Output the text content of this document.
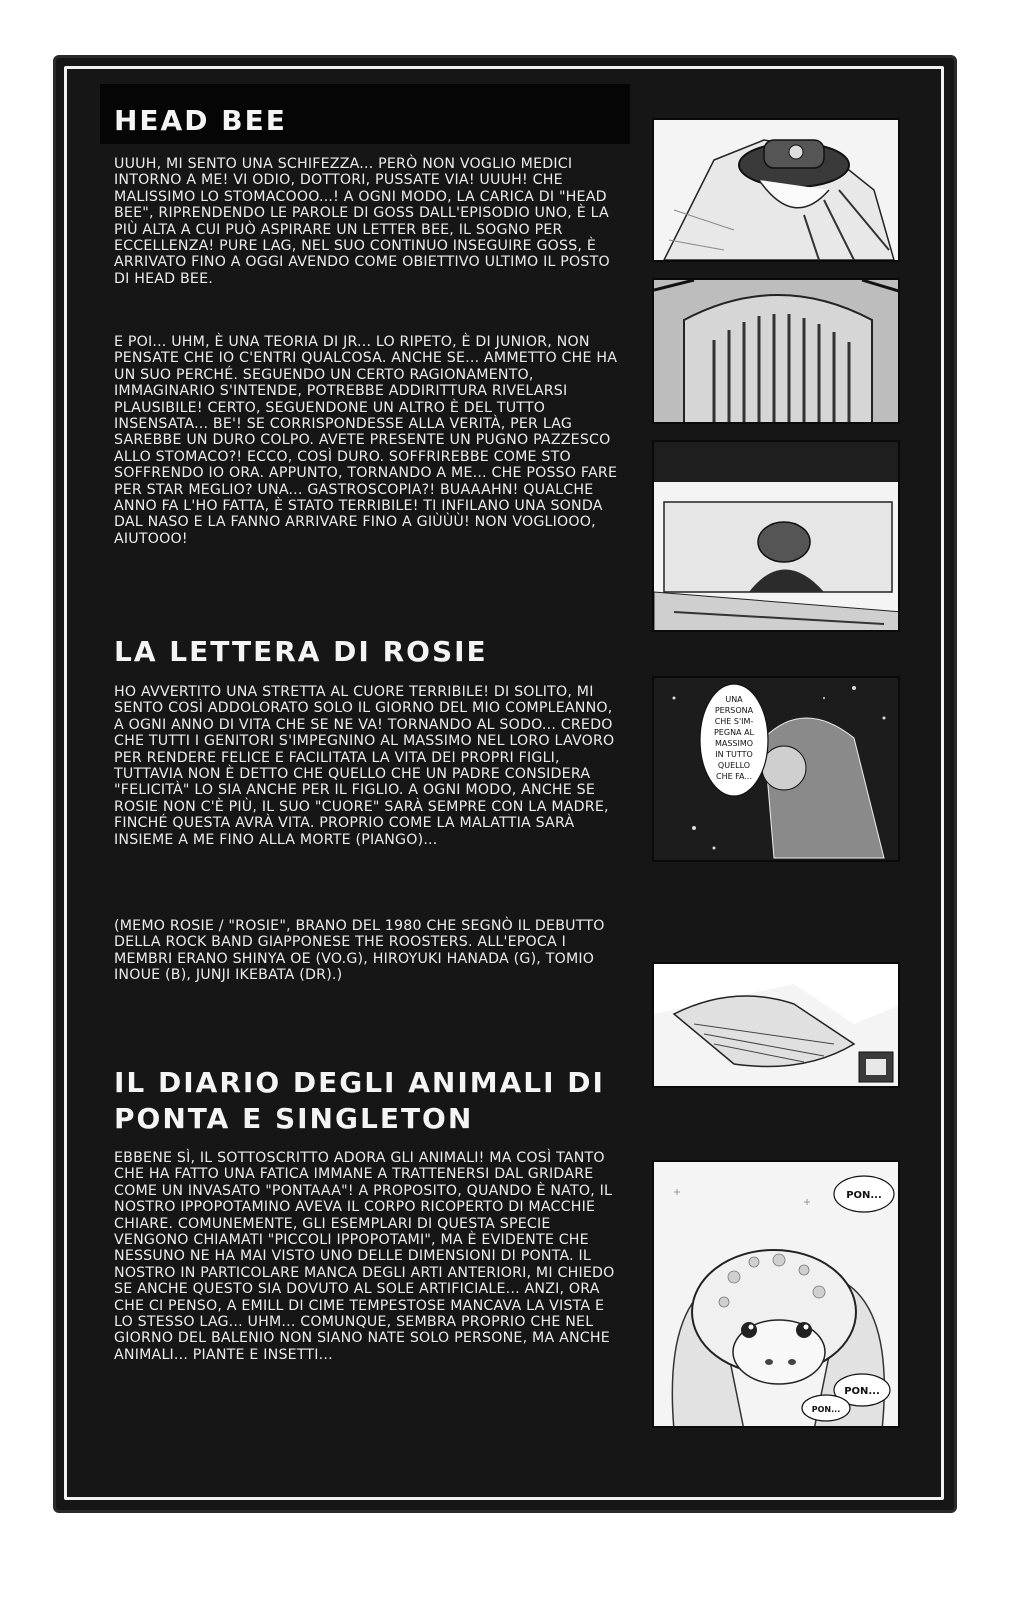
HEAD BEE

UUUH, MI SENTO UNA SCHIFEZZA... PERÒ NON VOGLIO MEDICI INTORNO A ME! VI ODIO, DOTTORI, PUSSATE VIA! UUUH! CHE MALISSIMO LO STOMACOOO...! A OGNI MODO, LA CARICA DI "HEAD BEE", RIPRENDENDO LE PAROLE DI GOSS DALL'EPISODIO UNO, È LA PIÙ ALTA A CUI PUÒ ASPIRARE UN LETTER BEE, IL SOGNO PER ECCELLENZA! PURE LAG, NEL SUO CONTINUO INSEGUIRE GOSS, È ARRIVATO FINO A OGGI AVENDO COME OBIETTIVO ULTIMO IL POSTO DI HEAD BEE.

E POI... UHM, È UNA TEORIA DI JR... LO RIPETO, È DI JUNIOR, NON PENSATE CHE IO C'ENTRI QUALCOSA. ANCHE SE... AMMETTO CHE HA UN SUO PERCHÉ. SEGUENDO UN CERTO RAGIONAMENTO, IMMAGINARIO S'INTENDE, POTREBBE ADDIRITTURA RIVELARSI PLAUSIBILE! CERTO, SEGUENDONE UN ALTRO È DEL TUTTO INSENSATA... BE'! SE CORRISPONDESSE ALLA VERITÀ, PER LAG SAREBBE UN DURO COLPO. AVETE PRESENTE UN PUGNO PAZZESCO ALLO STOMACO?! ECCO, COSÌ DURO. SOFFRIREBBE COME STO SOFFRENDO IO ORA. APPUNTO, TORNANDO A ME... CHE POSSO FARE PER STAR MEGLIO? UNA... GASTROSCOPIA?! BUAAAHN! QUALCHE ANNO FA L'HO FATTA, È STATO TERRIBILE! TI INFILANO UNA SONDA DAL NASO E LA FANNO ARRIVARE FINO A GIÙÙÙ! NON VOGLIOOO, AIUTOOO!

LA LETTERA DI ROSIE

HO AVVERTITO UNA STRETTA AL CUORE TERRIBILE! DI SOLITO, MI SENTO COSÌ ADDOLORATO SOLO IL GIORNO DEL MIO COMPLEANNO, A OGNI ANNO DI VITA CHE SE NE VA! TORNANDO AL SODO... CREDO CHE TUTTI I GENITORI S'IMPEGNINO AL MASSIMO NEL LORO LAVORO PER RENDERE FELICE E FACILITATA LA VITA DEI PROPRI FIGLI, TUTTAVIA NON È DETTO CHE QUELLO CHE UN PADRE CONSIDERA "FELICITÀ" LO SIA ANCHE PER IL FIGLIO. A OGNI MODO, ANCHE SE ROSIE NON C'È PIÙ, IL SUO "CUORE" SARÀ SEMPRE CON LA MADRE, FINCHÉ QUESTA AVRÀ VITA. PROPRIO COME LA MALATTIA SARÀ INSIEME A ME FINO ALLA MORTE (PIANGO)...

(MEMO ROSIE / "ROSIE", BRANO DEL 1980 CHE SEGNÒ IL DEBUTTO DELLA ROCK BAND GIAPPONESE THE ROOSTERS. ALL'EPOCA I MEMBRI ERANO SHINYA OE (VO.G), HIROYUKI HANADA (G), TOMIO INOUE (B), JUNJI IKEBATA (DR).)

IL DIARIO DEGLI ANIMALI DI
PONTA E SINGLETON

EBBENE SÌ, IL SOTTOSCRITTO ADORA GLI ANIMALI! MA COSÌ TANTO CHE HA FATTO UNA FATICA IMMANE A TRATTENERSI DAL GRIDARE COME UN INVASATO "PONTAAA"! A PROPOSITO, QUANDO È NATO, IL NOSTRO IPPOPOTAMINO AVEVA IL CORPO RICOPERTO DI MACCHIE CHIARE. COMUNEMENTE, GLI ESEMPLARI DI QUESTA SPECIE VENGONO CHIAMATI "PICCOLI IPPOPOTAMI", MA È EVIDENTE CHE NESSUNO NE HA MAI VISTO UNO DELLE DIMENSIONI DI PONTA. IL NOSTRO IN PARTICOLARE MANCA DEGLI ARTI ANTERIORI, MI CHIEDO SE ANCHE QUESTO SIA DOVUTO AL SOLE ARTIFICIALE... ANZI, ORA CHE CI PENSO, A EMILL DI CIME TEMPESTOSE MANCAVA LA VISTA E LO STESSO LAG... UHM... COMUNQUE, SEMBRA PROPRIO CHE NEL GIORNO DEL BALENIO NON SIANO NATE SOLO PERSONE, MA ANCHE ANIMALI... PIANTE E INSETTI...

UNA
PERSONA
CHE S'IM-
PEGNA AL
MASSIMO
IN TUTTO
QUELLO
CHE FA...
PON...
PON...
PON...
